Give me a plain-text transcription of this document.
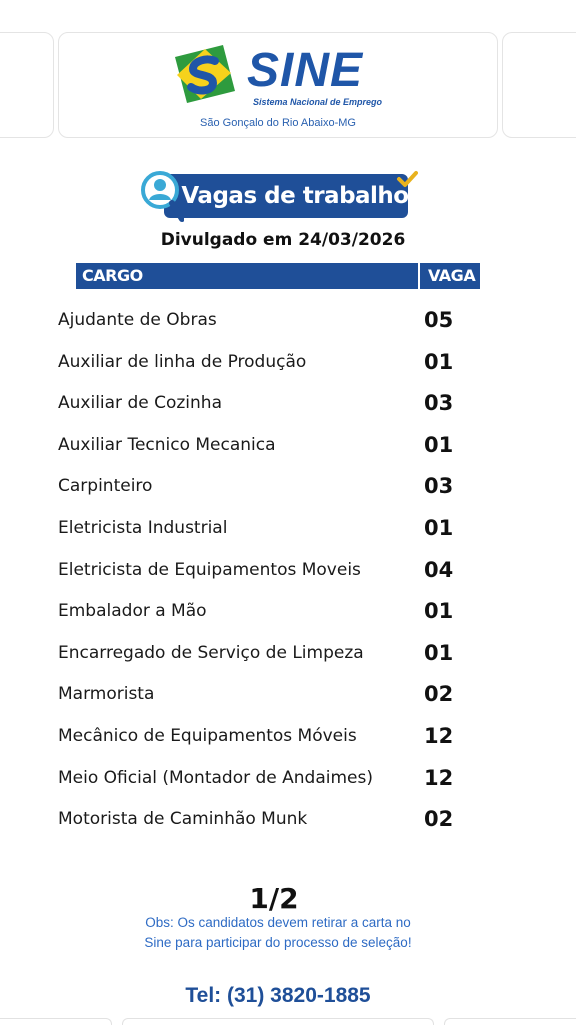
SINE
Sistema Nacional de Emprego
São Gonçalo do Rio Abaixo-MG
Vagas de trabalho
Divulgado em 24/03/2026
CARGO	VAGA
Ajudante de Obras	05
Auxiliar de linha de Produção	01
Auxiliar de Cozinha	03
Auxiliar Tecnico Mecanica	01
Carpinteiro	03
Eletricista Industrial	01
Eletricista de Equipamentos Moveis	04
Embalador a Mão	01
Encarregado de Serviço de Limpeza	01
Marmorista	02
Mecânico de Equipamentos Móveis	12
Meio Oficial (Montador de Andaimes) 12
Motorista de Caminhão Munk	02
1/2
Obs: Os candidatos devem retirar a carta no
Sine para participar do processo de seleção!
Tel: (31) 3820-1885
